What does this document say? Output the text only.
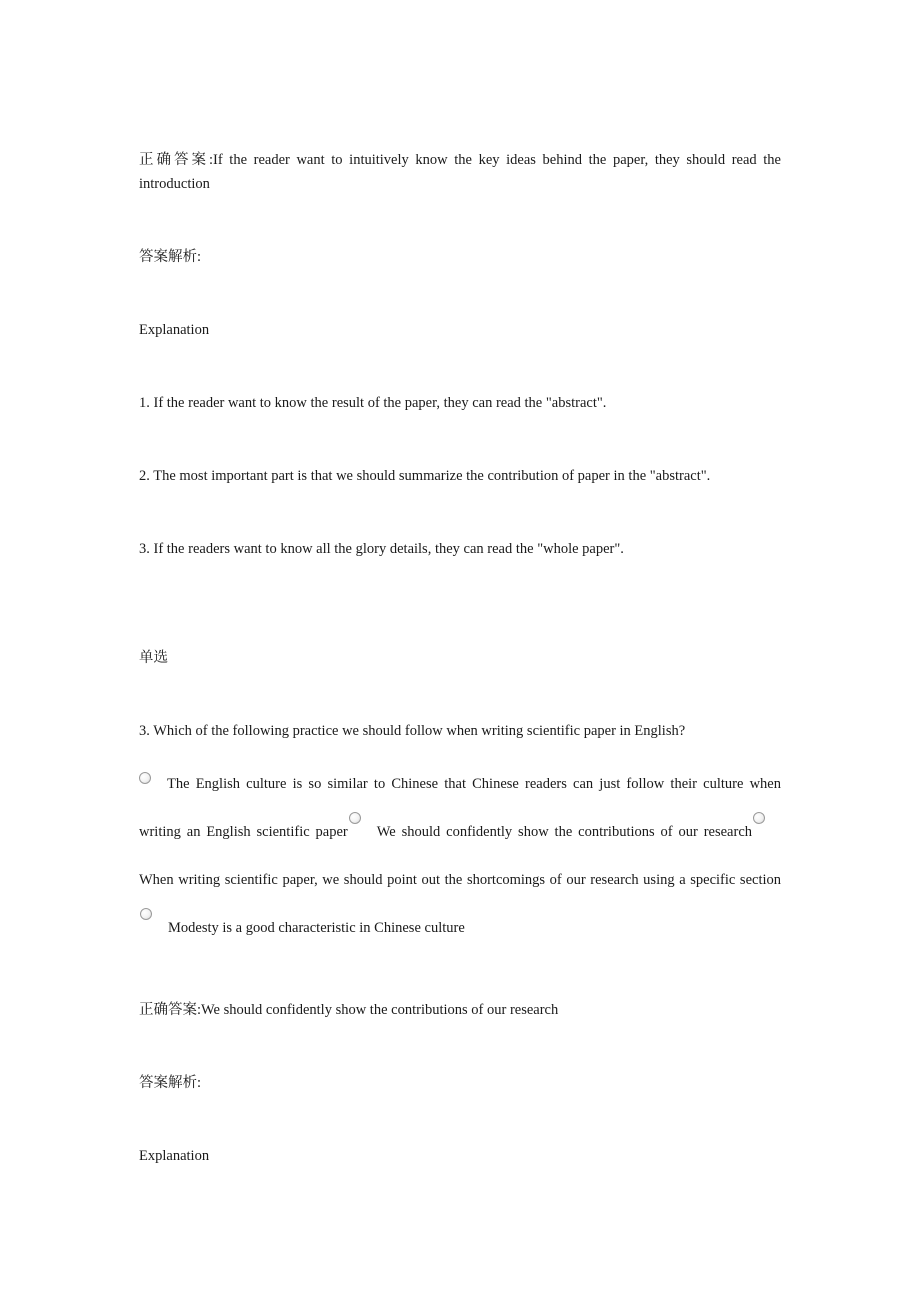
正确答案:If the reader want to intuitively know the key ideas behind the paper, they should read the introduction

答案解析:

Explanation

1. If the reader want to know the result of the paper, they can read the "abstract".

2. The most important part is that we should summarize the contribution of paper in the "abstract".

3. If the readers want to know all the glory details, they can read the "whole paper".

单选

3. Which of the following practice we should follow when writing scientific paper in English?

The English culture is so similar to Chinese that Chinese readers can just follow their culture when writing an English scientific paper We should confidently show the contributions of our researchWhen writing scientific paper, we should point out the shortcomings of our research using a specific sectionModesty is a good characteristic in Chinese culture

正确答案:We should confidently show the contributions of our research

答案解析:

Explanation
